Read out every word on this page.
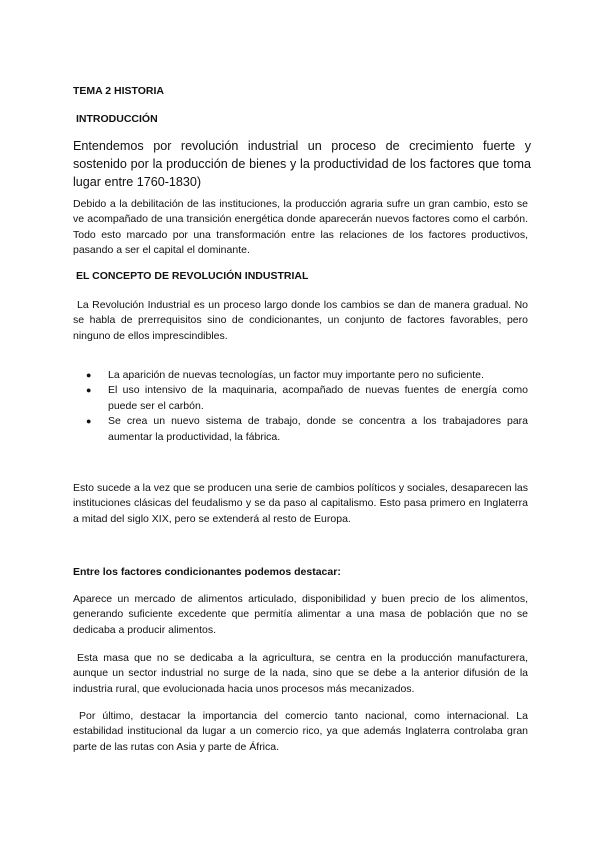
TEMA 2 HISTORIA

INTRODUCCIÓN

Entendemos por revolución industrial un proceso de crecimiento fuerte y sostenido por la producción de bienes y la productividad de los factores que toma lugar entre 1760-1830)

Debido a la debilitación de las instituciones, la producción agraria sufre un gran cambio, esto se ve acompañado de una transición energética donde aparecerán nuevos factores como el carbón. Todo esto marcado por una transformación entre las relaciones de los factores productivos, pasando a ser el capital el dominante.

EL CONCEPTO DE REVOLUCIÓN INDUSTRIAL

La Revolución Industrial es un proceso largo donde los cambios se dan de manera gradual. No se habla de prerrequisitos sino de condicionantes, un conjunto de factores favorables, pero ninguno de ellos imprescindibles.

● La aparición de nuevas tecnologías, un factor muy importante pero no suficiente.
● El uso intensivo de la maquinaria, acompañado de nuevas fuentes de energía como puede ser el carbón.
● Se crea un nuevo sistema de trabajo, donde se concentra a los trabajadores para aumentar la productividad, la fábrica.

Esto sucede a la vez que se producen una serie de cambios políticos y sociales, desaparecen las instituciones clásicas del feudalismo y se da paso al capitalismo. Esto pasa primero en Inglaterra a mitad del siglo XIX, pero se extenderá al resto de Europa.

Entre los factores condicionantes podemos destacar:

Aparece un mercado de alimentos articulado, disponibilidad y buen precio de los alimentos, generando suficiente excedente que permitía alimentar a una masa de población que no se dedicaba a producir alimentos.

Esta masa que no se dedicaba a la agricultura, se centra en la producción manufacturera, aunque un sector industrial no surge de la nada, sino que se debe a la anterior difusión de la industria rural, que evolucionada hacia unos procesos más mecanizados.

Por último, destacar la importancia del comercio tanto nacional, como internacional. La estabilidad institucional da lugar a un comercio rico, ya que además Inglaterra controlaba gran parte de las rutas con Asia y parte de África.
